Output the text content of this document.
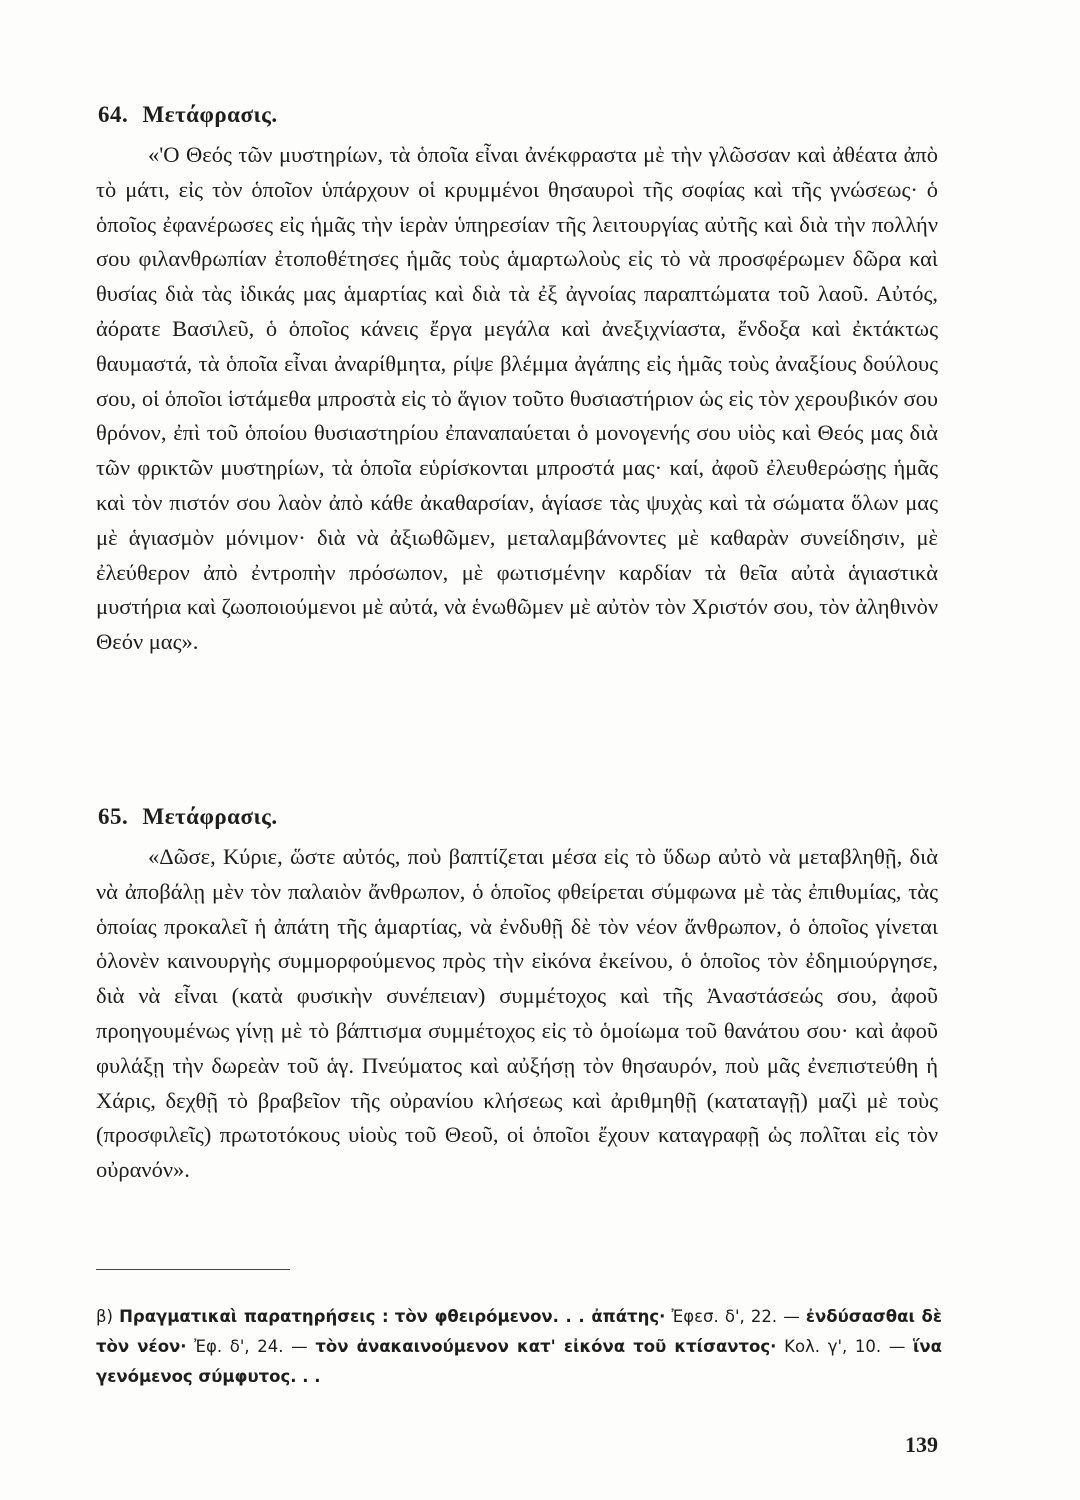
64. Μετάφρασις.

«'Ο Θεός τῶν μυστηρίων, τὰ ὁποῖα εἶναι ἀνέκφραστα μὲ τὴν γλῶσσαν καὶ ἀθέατα ἀπὸ τὸ μάτι, εἰς τὸν ὁποῖον ὑπάρχουν οἱ κρυμμένοι θησαυροὶ τῆς σοφίας καὶ τῆς γνώσεως· ὁ ὁποῖος ἐφανέρωσες εἰς ἡμᾶς τὴν ἱερὰν ὑπηρεσίαν τῆς λειτουργίας αὐτῆς καὶ διὰ τὴν πολλήν σου φιλανθρωπίαν ἐτοποθέτησες ἡμᾶς τοὺς ἁμαρτωλοὺς εἰς τὸ νὰ προσφέρωμεν δῶρα καὶ θυσίας διὰ τὰς ἰδικάς μας ἁμαρτίας καὶ διὰ τὰ ἐξ ἀγνοίας παραπτώματα τοῦ λαοῦ. Αὐτός, ἀόρατε Βασιλεῦ, ὁ ὁποῖος κάνεις ἔργα μεγάλα καὶ ἀνεξιχνίαστα, ἔνδοξα καὶ ἐκτάκτως θαυμαστά, τὰ ὁποῖα εἶναι ἀναρίθμητα, ρίψε βλέμμα ἀγάπης εἰς ἡμᾶς τοὺς ἀναξίους δούλους σου, οἱ ὁποῖοι ἱστάμεθα μπροστὰ εἰς τὸ ἅγιον τοῦτο θυσιαστήριον ὡς εἰς τὸν χερουβικόν σου θρόνον, ἐπὶ τοῦ ὁποίου θυσιαστηρίου ἐπαναπαύεται ὁ μονογενής σου υἱὸς καὶ Θεός μας διὰ τῶν φρικτῶν μυστηρίων, τὰ ὁποῖα εὑρίσκονται μπροστά μας· καί, ἀφοῦ ἐλευθερώσῃς ἡμᾶς καὶ τὸν πιστόν σου λαὸν ἀπὸ κάθε ἀκαθαρσίαν, ἁγίασε τὰς ψυχὰς καὶ τὰ σώματα ὅλων μας μὲ ἁγιασμὸν μόνιμον· διὰ νὰ ἀξιωθῶμεν, μεταλαμβάνοντες μὲ καθαρὰν συνείδησιν, μὲ ἐλεύθερον ἀπὸ ἐντροπὴν πρόσωπον, μὲ φωτισμένην καρδίαν τὰ θεῖα αὐτὰ ἁγιαστικὰ μυστήρια καὶ ζωοποιούμενοι μὲ αὐτά, νὰ ἑνωθῶμεν μὲ αὐτὸν τὸν Χριστόν σου, τὸν ἀληθινὸν Θεόν μας».

65. Μετάφρασις.

«Δῶσε, Κύριε, ὥστε αὐτός, ποὺ βαπτίζεται μέσα εἰς τὸ ὕδωρ αὐτὸ νὰ μεταβληθῇ, διὰ νὰ ἀποβάλῃ μὲν τὸν παλαιὸν ἄνθρωπον, ὁ ὁποῖος φθείρεται σύμφωνα μὲ τὰς ἐπιθυμίας, τὰς ὁποίας προκαλεῖ ἡ ἀπάτη τῆς ἁμαρτίας, νὰ ἐνδυθῇ δὲ τὸν νέον ἄνθρωπον, ὁ ὁποῖος γίνεται ὁλονὲν καινουργὴς συμμορφούμενος πρὸς τὴν εἰκόνα ἐκείνου, ὁ ὁποῖος τὸν ἐδημιούργησε, διὰ νὰ εἶναι (κατὰ φυσικὴν συνέπειαν) συμμέτοχος καὶ τῆς Ἀναστάσεώς σου, ἀφοῦ προηγουμένως γίνῃ μὲ τὸ βάπτισμα συμμέτοχος εἰς τὸ ὁμοίωμα τοῦ θανάτου σου· καὶ ἀφοῦ φυλάξῃ τὴν δωρεὰν τοῦ ἁγ. Πνεύματος καὶ αὐξήσῃ τὸν θησαυρόν, ποὺ μᾶς ἐνεπιστεύθη ἡ Χάρις, δεχθῇ τὸ βραβεῖον τῆς οὐρανίου κλήσεως καὶ ἀριθμηθῇ (καταταγῇ) μαζὶ μὲ τοὺς (προσφιλεῖς) πρωτοτόκους υἱοὺς τοῦ Θεοῦ, οἱ ὁποῖοι ἔχουν καταγραφῇ ὡς πολῖται εἰς τὸν οὐρανόν».

β) Πραγματικαὶ παρατηρήσεις : τὸν φθειρόμενον. . . ἀπάτης· Ἐφεσ. δ', 22. — ἐνδύσασθαι δὲ τὸν νέον· Ἐφ. δ', 24. — τὸν ἀνακαινούμενον κατ' εἰκόνα τοῦ κτίσαντος· Κολ. γ', 10. — ἵνα γενόμενος σύμφυτος. . .

139
